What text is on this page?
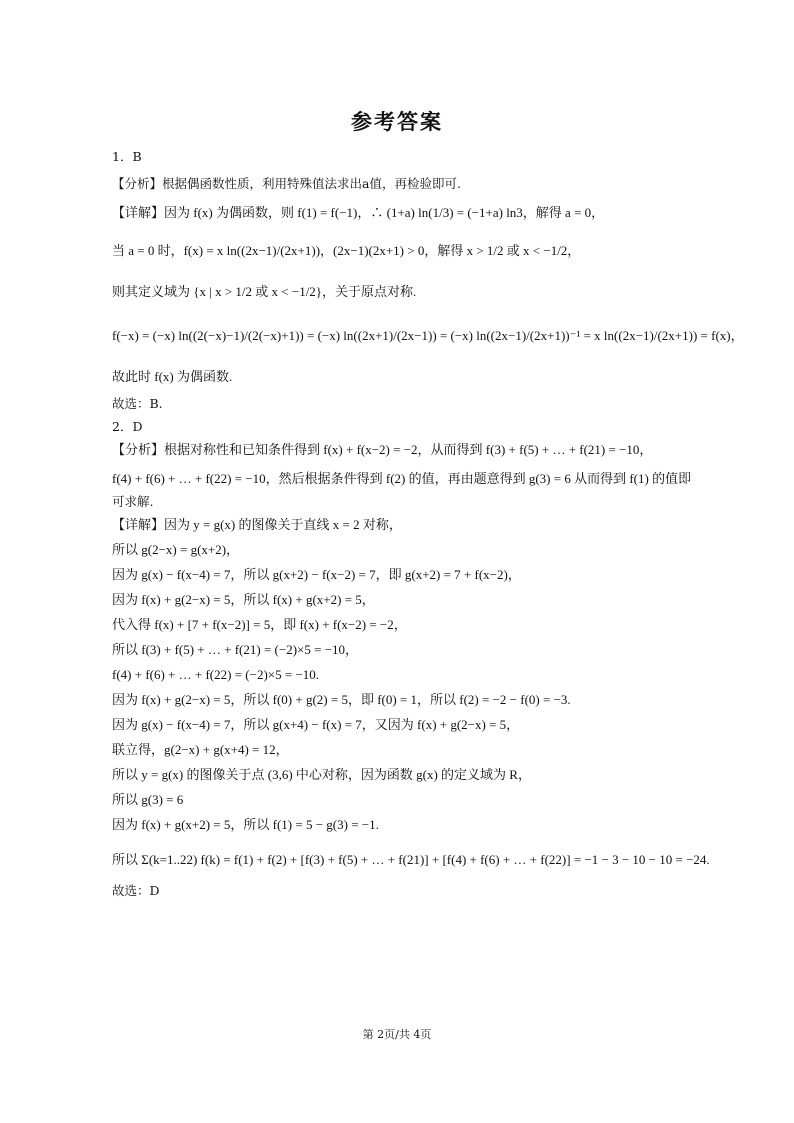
参考答案
1．B
【分析】根据偶函数性质，利用特殊值法求出a值，再检验即可.
【详解】因为 f(x) 为偶函数，则 f(1) = f(−1)，∴ (1+a) ln(1/3) = (−1+a) ln3，解得 a = 0，
当 a = 0 时，f(x) = x ln((2x−1)/(2x+1))，(2x−1)(2x+1) > 0，解得 x > 1/2 或 x < −1/2，
则其定义域为 {x | x > 1/2 或 x < −1/2}，关于原点对称.
f(−x) = (−x) ln((2(−x)−1)/(2(−x)+1)) = (−x) ln((2x+1)/(2x−1)) = (−x) ln((2x−1)/(2x+1))⁻¹ = x ln((2x−1)/(2x+1)) = f(x)，
故此时 f(x) 为偶函数.
故选：B.
2．D
【分析】根据对称性和已知条件得到 f(x) + f(x−2) = −2，从而得到 f(3) + f(5) + … + f(21) = −10，
f(4) + f(6) + … + f(22) = −10，然后根据条件得到 f(2) 的值，再由题意得到 g(3) = 6 从而得到 f(1) 的值即
可求解.
【详解】因为 y = g(x) 的图像关于直线 x = 2 对称，
所以 g(2−x) = g(x+2)，
因为 g(x) − f(x−4) = 7，所以 g(x+2) − f(x−2) = 7，即 g(x+2) = 7 + f(x−2)，
因为 f(x) + g(2−x) = 5，所以 f(x) + g(x+2) = 5，
代入得 f(x) + [7 + f(x−2)] = 5，即 f(x) + f(x−2) = −2，
所以 f(3) + f(5) + … + f(21) = (−2)×5 = −10，
f(4) + f(6) + … + f(22) = (−2)×5 = −10.
因为 f(x) + g(2−x) = 5，所以 f(0) + g(2) = 5，即 f(0) = 1，所以 f(2) = −2 − f(0) = −3.
因为 g(x) − f(x−4) = 7，所以 g(x+4) − f(x) = 7，又因为 f(x) + g(2−x) = 5，
联立得，g(2−x) + g(x+4) = 12，
所以 y = g(x) 的图像关于点 (3,6) 中心对称，因为函数 g(x) 的定义域为 R，
所以 g(3) = 6
因为 f(x) + g(x+2) = 5，所以 f(1) = 5 − g(3) = −1.
所以 Σ(k=1..22) f(k) = f(1) + f(2) + [f(3) + f(5) + … + f(21)] + [f(4) + f(6) + … + f(22)] = −1 − 3 − 10 − 10 = −24.
故选：D
第 2页/共 4页
